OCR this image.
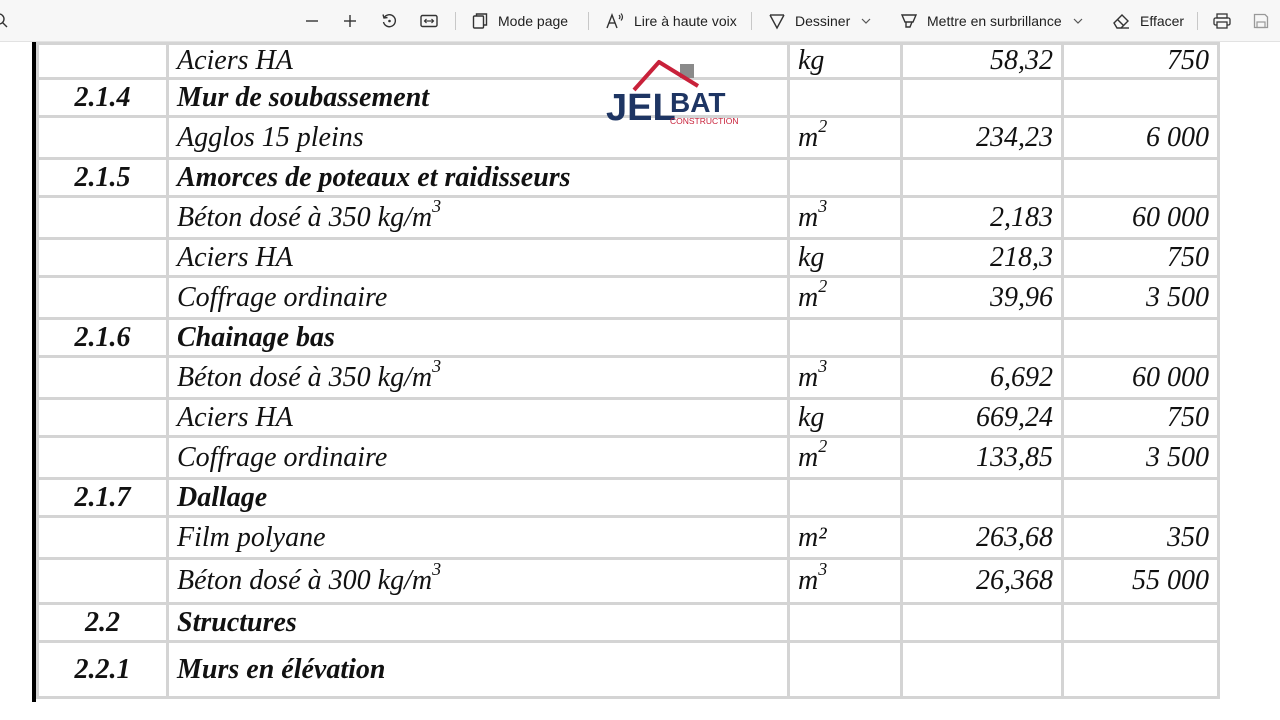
Mode page	Lire à haute voix	Dessiner	Mettre en surbrillance	Effacer
	Aciers HA	kg	58,32	750
2.1.4	Mur de soubassement			
	Agglos 15 pleins	$m^2$	234,23	6 000
2.1.5	Amorces de poteaux et raidisseurs			
	Béton dosé à 350 $kg/m^3$	$m^3$	2,183	60 000
	Aciers HA	kg	218,3	750
	Coffrage ordinaire	$m^2$	39,96	3 500
2.1.6	Chainage bas			
	Béton dosé à 350 $kg/m^3$	$m^3$	6,692	60 000
	Aciers HA	kg	669,24	750
	Coffrage ordinaire	$m^2$	133,85	3 500
2.1.7	Dallage			
	Film polyane	m²	263,68	350
	Béton dosé à 300 $kg/m^3$	$m^3$	26,368	55 000
2.2	Structures			
2.2.1	Murs en élévation			
JEL
BAT
CONSTRUCTION
